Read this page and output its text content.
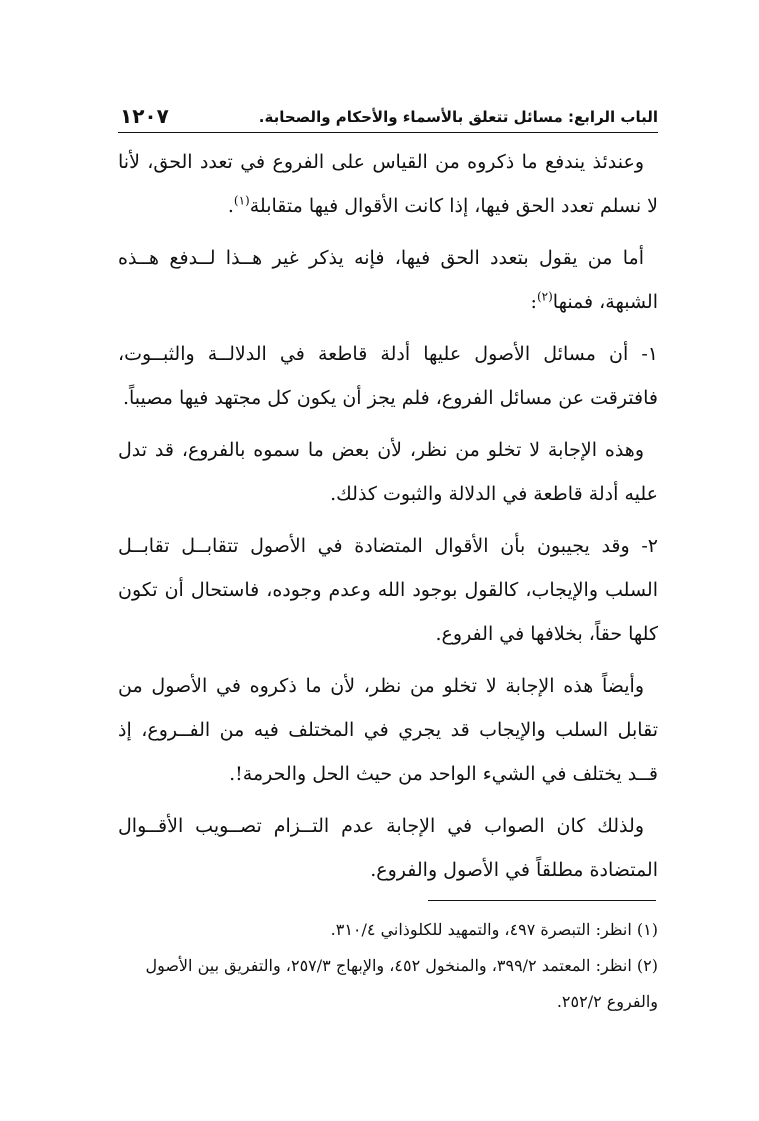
الباب الرابع: مسائل تتعلق بالأسماء والأحكام والصحابة.
١٢٠٧

وعندئذ يندفع ما ذكروه من القياس على الفروع في تعدد الحق، لأنا لا نسلم تعدد الحق فيها، إذا كانت الأقوال فيها متقابلة$^{(١)}$.

أما من يقول بتعدد الحق فيها، فإنه يذكر غير هــذا لــدفع هــذه الشبهة، فمنها$^{(٢)}$:

١- أن مسائل الأصول عليها أدلة قاطعة في الدلالــة والثبــوت، فافترقت عن مسائل الفروع، فلم يجز أن يكون كل مجتهد فيها مصيباً.

وهذه الإجابة لا تخلو من نظر، لأن بعض ما سموه بالفروع، قد تدل عليه أدلة قاطعة في الدلالة والثبوت كذلك.

٢- وقد يجيبون بأن الأقوال المتضادة في الأصول تتقابــل تقابــل السلب والإيجاب، كالقول بوجود الله وعدم وجوده، فاستحال أن تكون كلها حقاً، بخلافها في الفروع.

وأيضاً هذه الإجابة لا تخلو من نظر، لأن ما ذكروه في الأصول من تقابل السلب والإيجاب قد يجري في المختلف فيه من الفــروع، إذ قــد يختلف في الشيء الواحد من حيث الحل والحرمة!.

ولذلك كان الصواب في الإجابة عدم التــزام تصــويب الأقــوال المتضادة مطلقاً في الأصول والفروع.

(١) انظر: التبصرة ٤٩٧، والتمهيد للكلوذاني ٣١٠/٤.

(٢) انظر: المعتمد ٣٩٩/٢، والمنخول ٤٥٢، والإبهاج ٢٥٧/٣، والتفريق بين الأصول والفروع ٢٥٢/٢.
